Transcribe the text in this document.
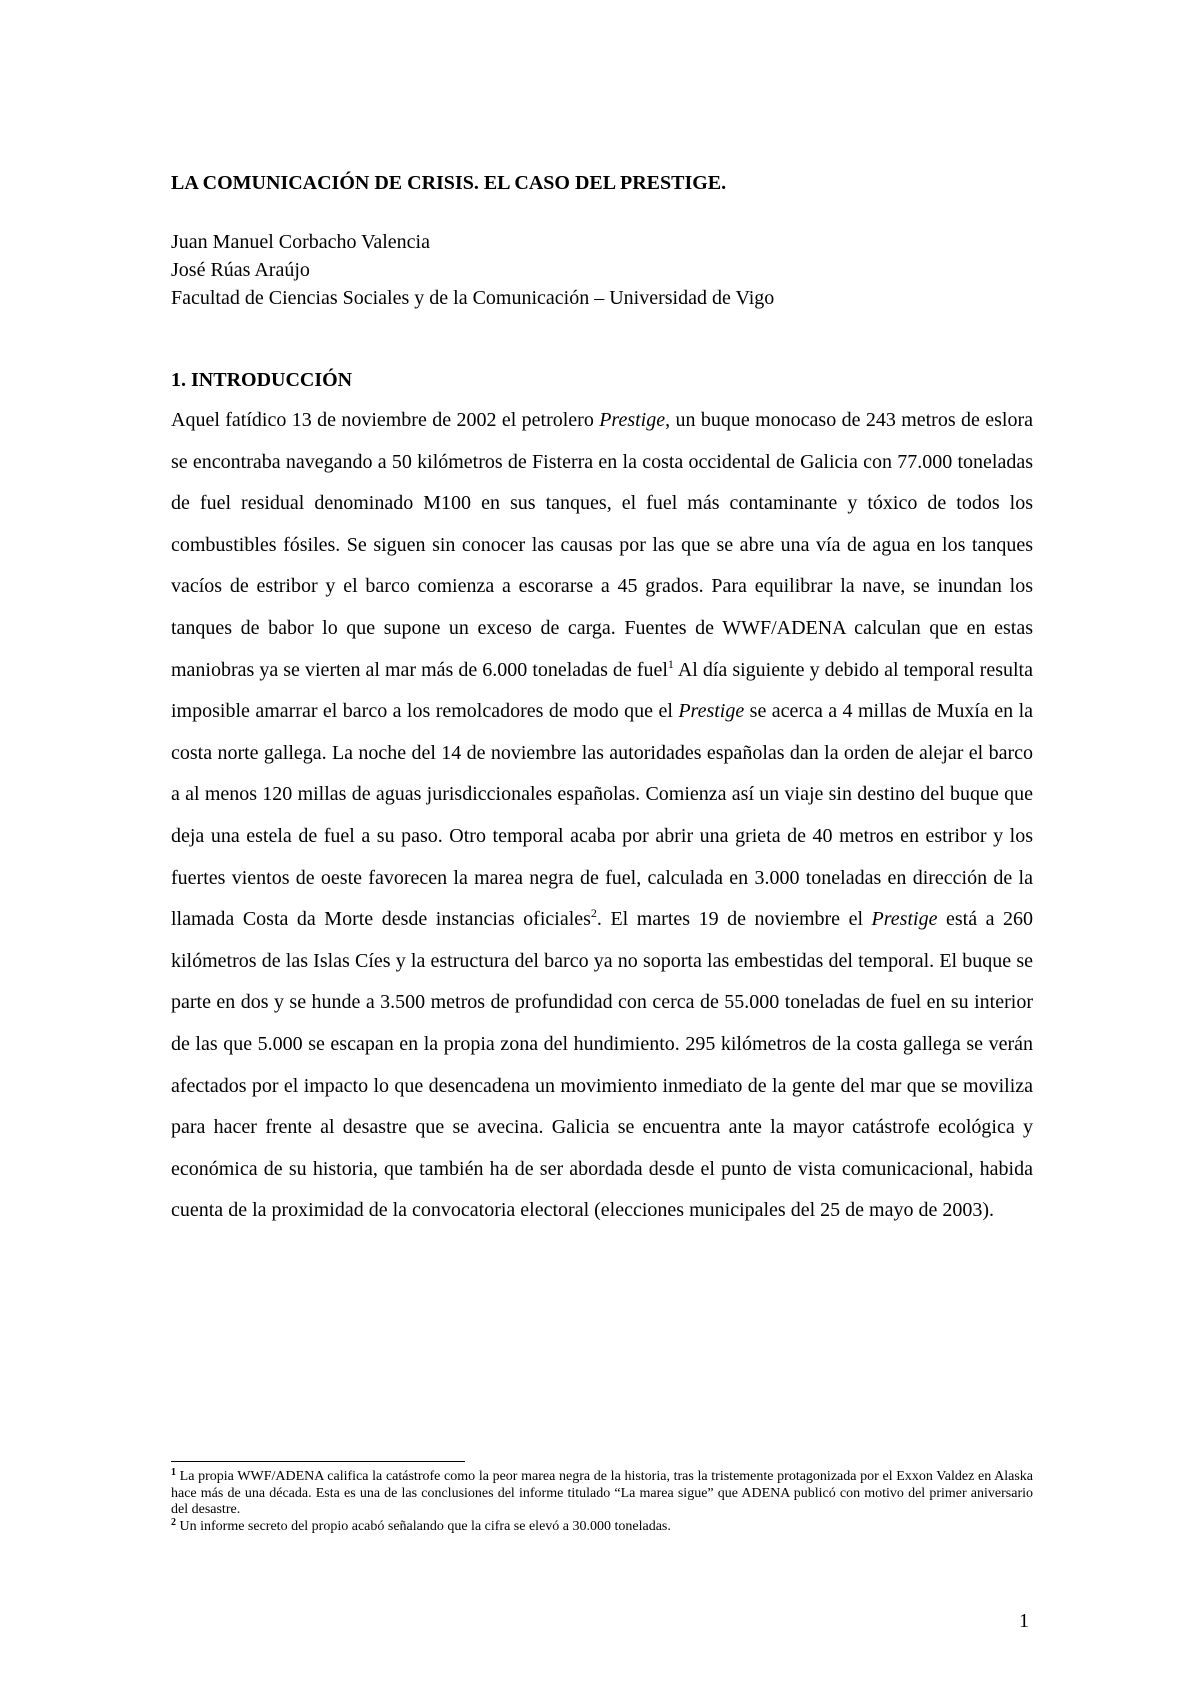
LA COMUNICACIÓN DE CRISIS. EL CASO DEL PRESTIGE.
Juan Manuel Corbacho Valencia
José Rúas Araújo
Facultad de Ciencias Sociales y de la Comunicación – Universidad de Vigo
1. INTRODUCCIÓN

Aquel fatídico 13 de noviembre de 2002 el petrolero Prestige, un buque monocaso de 243 metros de eslora se encontraba navegando a 50 kilómetros de Fisterra en la costa occidental de Galicia con 77.000 toneladas de fuel residual denominado M100 en sus tanques, el fuel más contaminante y tóxico de todos los combustibles fósiles. Se siguen sin conocer las causas por las que se abre una vía de agua en los tanques vacíos de estribor y el barco comienza a escorarse a 45 grados. Para equilibrar la nave, se inundan los tanques de babor lo que supone un exceso de carga. Fuentes de WWF/ADENA calculan que en estas maniobras ya se vierten al mar más de 6.000 toneladas de fuel$^1$ Al día siguiente y debido al temporal resulta imposible amarrar el barco a los remolcadores de modo que el Prestige se acerca a 4 millas de Muxía en la costa norte gallega. La noche del 14 de noviembre las autoridades españolas dan la orden de alejar el barco a al menos 120 millas de aguas jurisdiccionales españolas. Comienza así un viaje sin destino del buque que deja una estela de fuel a su paso. Otro temporal acaba por abrir una grieta de 40 metros en estribor y los fuertes vientos de oeste favorecen la marea negra de fuel, calculada en 3.000 toneladas en dirección de la llamada Costa da Morte desde instancias oficiales$^2$. El martes 19 de noviembre el Prestige está a 260 kilómetros de las Islas Cíes y la estructura del barco ya no soporta las embestidas del temporal. El buque se parte en dos y se hunde a 3.500 metros de profundidad con cerca de 55.000 toneladas de fuel en su interior de las que 5.000 se escapan en la propia zona del hundimiento. 295 kilómetros de la costa gallega se verán afectados por el impacto lo que desencadena un movimiento inmediato de la gente del mar que se moviliza para hacer frente al desastre que se avecina. Galicia se encuentra ante la mayor catástrofe ecológica y económica de su historia, que también ha de ser abordada desde el punto de vista comunicacional, habida cuenta de la proximidad de la convocatoria electoral (elecciones municipales del 25 de mayo de 2003).

$^1$ La propia WWF/ADENA califica la catástrofe como la peor marea negra de la historia, tras la tristemente protagonizada por el Exxon Valdez en Alaska hace más de una década. Esta es una de las conclusiones del informe titulado “La marea sigue” que ADENA publicó con motivo del primer aniversario del desastre.

$^2$ Un informe secreto del propio acabó señalando que la cifra se elevó a 30.000 toneladas.

1
